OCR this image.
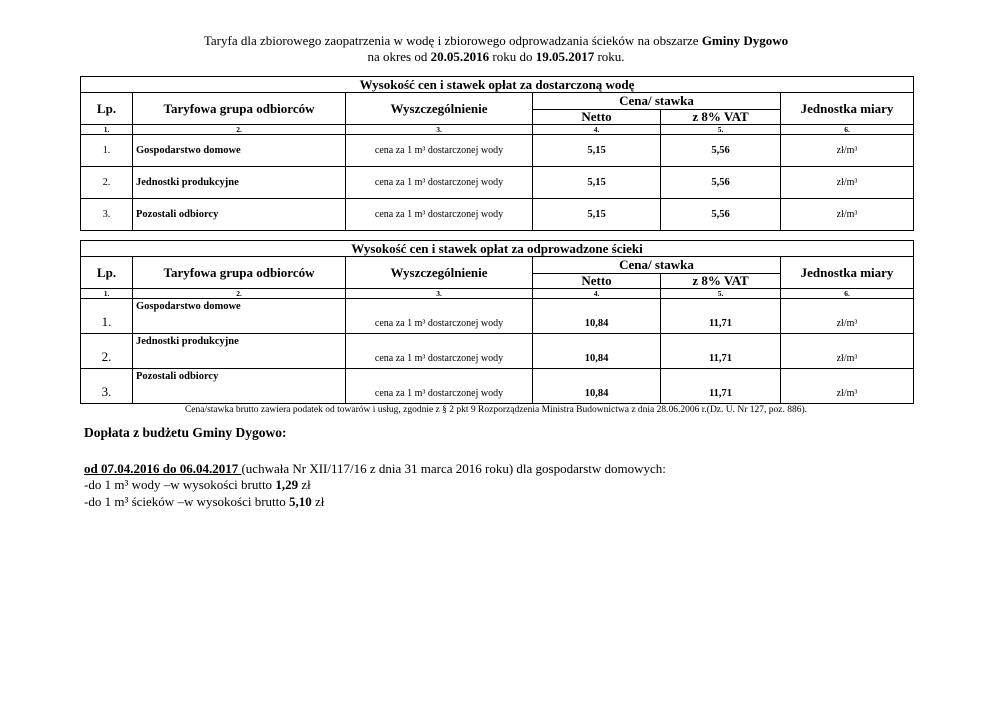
Taryfa dla zbiorowego zaopatrzenia w wodę i zbiorowego odprowadzania ścieków na obszarze Gminy Dygowo
na okres od 20.05.2016 roku do 19.05.2017 roku.
Wysokość cen i stawek opłat za dostarczoną wodę					
Lp.	Taryfowa grupa odbiorców	Wyszczególnienie	Cena/ stawka		Jednostka miary
			Netto	z 8% VAT	
1.	2.	3.	4.	5.	6.
1.	Gospodarstwo domowe	cena za 1 m³ dostarczonej wody	5,15	5,56	zł/m³
2.	Jednostki produkcyjne	cena za 1 m³ dostarczonej wody	5,15	5,56	zł/m³
3.	Pozostali odbiorcy	cena za 1 m³ dostarczonej wody	5,15	5,56	zł/m³
Wysokość cen i stawek opłat za odprowadzone ścieki					
Lp.	Taryfowa grupa odbiorców	Wyszczególnienie	Cena/ stawka		Jednostka miary
			Netto	z 8% VAT	
1.	2.	3.	4.	5.	6.
1.	Gospodarstwo domowe	cena za 1 m³ dostarczonej wody	10,84	11,71	zł/m³
2.	Jednostki produkcyjne	cena za 1 m³ dostarczonej wody	10,84	11,71	zł/m³
3.	Pozostali odbiorcy	cena za 1 m³ dostarczonej wody	10,84	11,71	zł/m³
Cena/stawka brutto zawiera podatek od towarów i usług, zgodnie z § 2 pkt 9 Rozporządzenia Ministra Budownictwa z dnia 28.06.2006 r.(Dz. U. Nr 127, poz. 886).
Dopłata z budżetu Gminy Dygowo:
od 07.04.2016 do 06.04.2017 (uchwała Nr XII/117/16 z dnia 31 marca 2016 roku) dla gospodarstw domowych:
-do 1 m³ wody –w wysokości brutto 1,29 zł
-do 1 m³ ścieków –w wysokości brutto 5,10 zł
